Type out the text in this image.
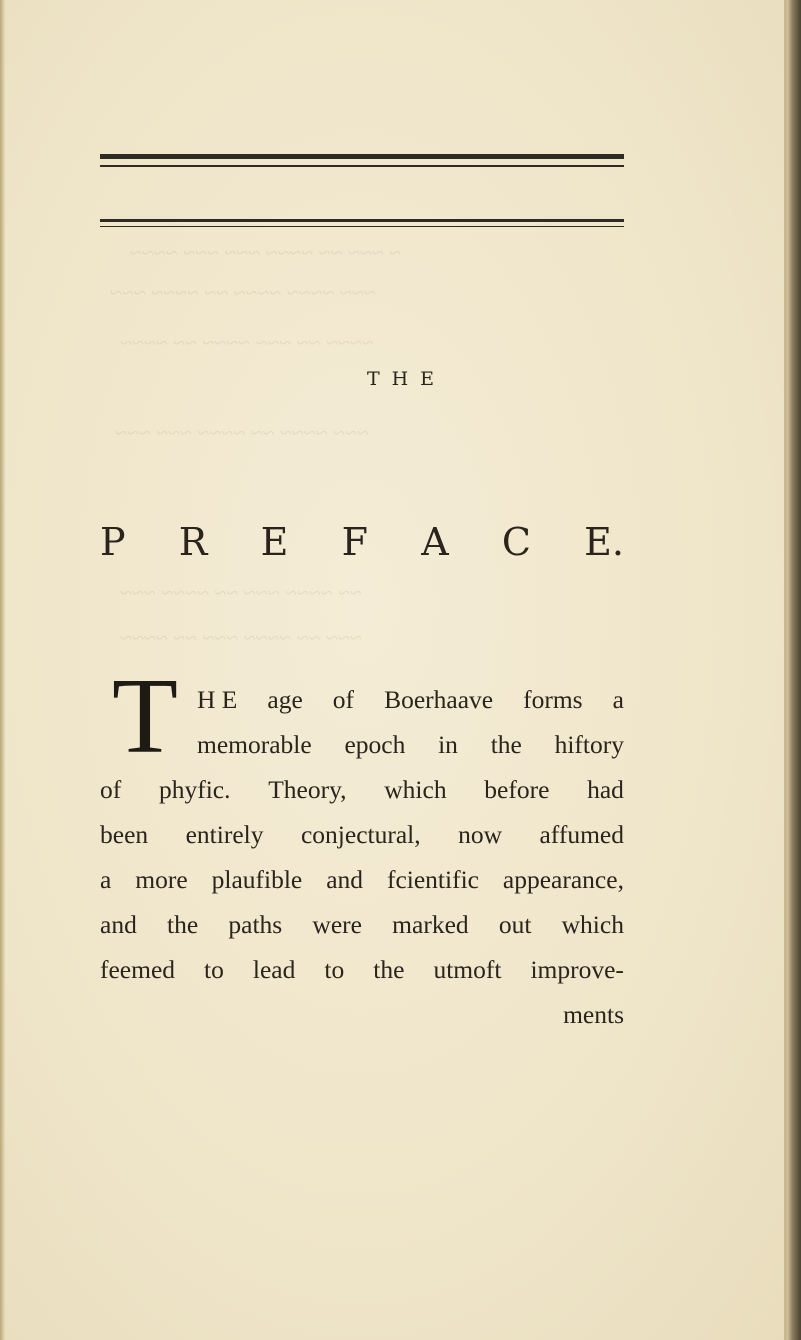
~ ~~~ ~~ ~~~~ ~~~ ~~~ ~~~~
~~~ ~~~~ ~~~~ ~~ ~~~~ ~~~
~~~~ ~~ ~~~ ~~~~ ~~ ~~~~
~~~ ~~~~ ~~ ~~~~ ~~~ ~~~
~~ ~~~~ ~~~ ~~ ~~~~ ~~~
~~~ ~~ ~~~~ ~~~ ~~ ~~~~
THE
P R E F A C E.
T H E age of Boerhaave forms a
memorable epoch in the hiftory
of phyfic. Theory, which before had
been entirely conjectural, now affumed
a more plaufible and fcientific appearance,
and the paths were marked out which
feemed to lead to the utmoft improve-
ments
